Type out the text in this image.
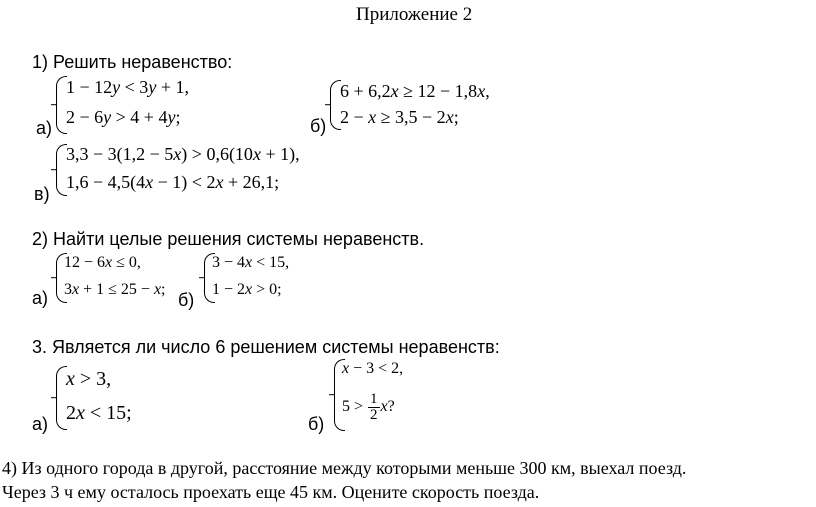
Приложение 2
1) Решить неравенство:
1 − 12y < 3y + 1,
2 − 6y > 4 + 4y;
а)
6 + 6,2x ≥ 12 − 1,8x,
2 − x ≥ 3,5 − 2x;
б)
3,3 − 3(1,2 − 5x) > 0,6(10x + 1),
1,6 − 4,5(4x − 1) < 2x + 26,1;
в)
2) Найти целые решения системы неравенств.
12 − 6x ≤ 0,
3x + 1 ≤ 25 − x;
а)
3 − 4x < 15,
1 − 2x > 0;
б)
3. Является ли число 6 решением системы неравенств:
x > 3,
2x < 15;
а)
x − 3 < 2,
$5 > \frac{1}{2} x$?
б)
4) Из одного города в другой, расстояние между которыми меньше 300 км, выехал поезд.
Через 3 ч ему осталось проехать еще 45 км. Оцените скорость поезда.
